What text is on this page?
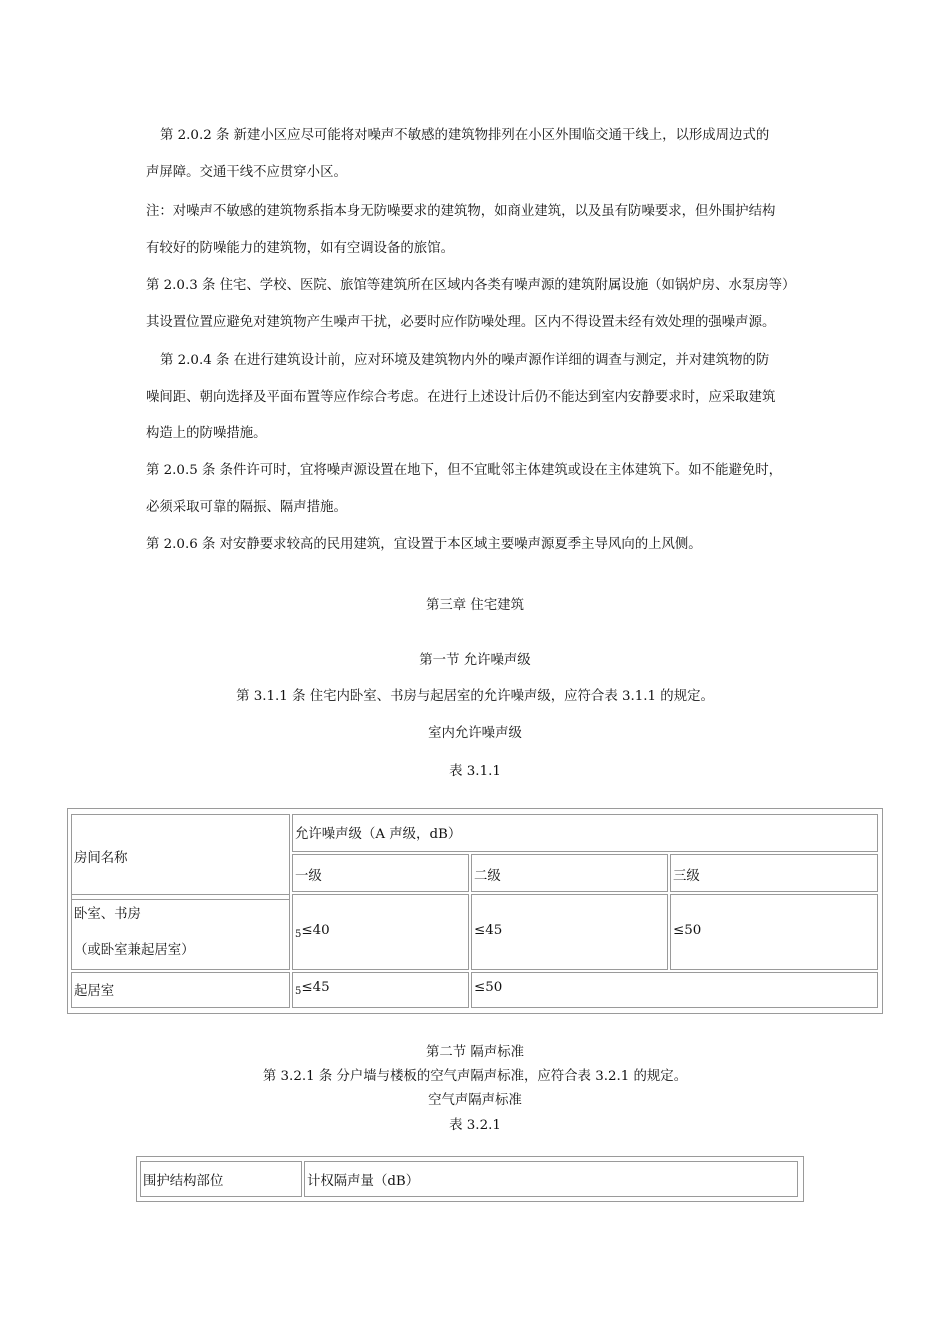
第 2.0.2 条 新建小区应尽可能将对噪声不敏感的建筑物排列在小区外围临交通干线上，以形成周边式的
声屏障。交通干线不应贯穿小区。

注：对噪声不敏感的建筑物系指本身无防噪要求的建筑物，如商业建筑，以及虽有防噪要求，但外围护结构
有较好的防噪能力的建筑物，如有空调设备的旅馆。

第 2.0.3 条 住宅、学校、医院、旅馆等建筑所在区域内各类有噪声源的建筑附属设施（如锅炉房、水泵房等）
其设置位置应避免对建筑物产生噪声干扰，必要时应作防噪处理。区内不得设置未经有效处理的强噪声源。

第 2.0.4 条 在进行建筑设计前，应对环境及建筑物内外的噪声源作详细的调查与测定，并对建筑物的防
噪间距、朝向选择及平面布置等应作综合考虑。在进行上述设计后仍不能达到室内安静要求时，应采取建筑
构造上的防噪措施。

第 2.0.5 条 条件许可时，宜将噪声源设置在地下，但不宜毗邻主体建筑或设在主体建筑下。如不能避免时，
必须采取可靠的隔振、隔声措施。

第 2.0.6 条 对安静要求较高的民用建筑，宜设置于本区域主要噪声源夏季主导风向的上风侧。

第三章 住宅建筑

第一节 允许噪声级

第 3.1.1 条 住宅内卧室、书房与起居室的允许噪声级，应符合表 3.1.1 的规定。

室内允许噪声级

表 3.1.1

房间名称
允许噪声级（A 声级，dB）
一级	二级	三级
卧室、书房
（或卧室兼起居室）
$_5$≤40	≤45	≤50
起居室	$_5$≤45	≤50

第二节 隔声标准

第 3.2.1 条 分户墙与楼板的空气声隔声标准，应符合表 3.2.1 的规定。

空气声隔声标准

表 3.2.1

围护结构部位	计权隔声量（dB）
